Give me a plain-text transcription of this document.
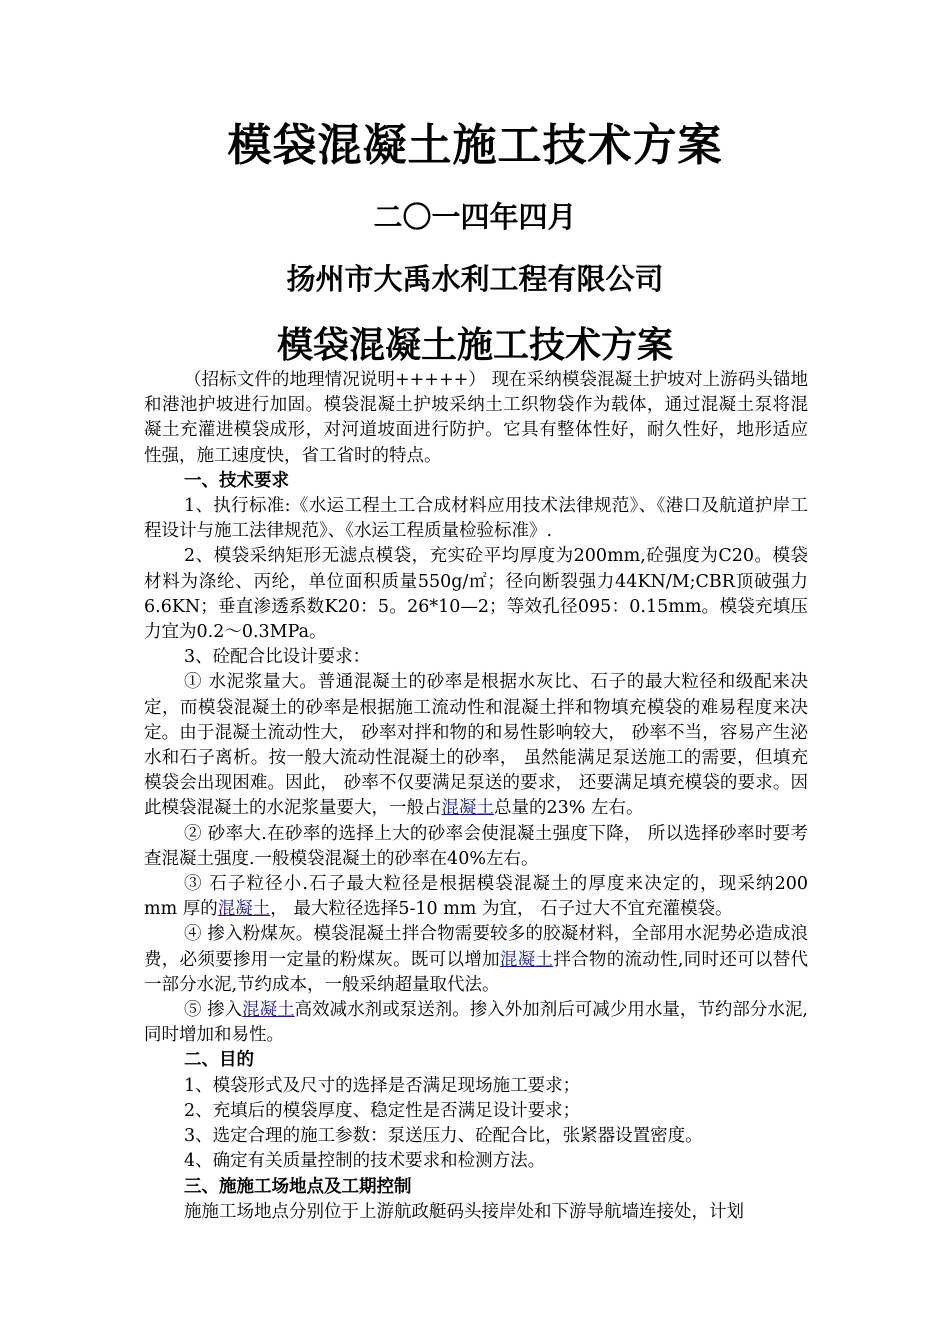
模袋混凝土施工技术方案
二〇一四年四月
扬州市大禹水利工程有限公司
模袋混凝土施工技术方案

（招标文件的地理情况说明+++++） 现在采纳模袋混凝土护坡对上游码头锚地和港池护坡进行加固。模袋混凝土护坡采纳土工织物袋作为载体，通过混凝土泵将混凝土充灌进模袋成形，对河道坡面进行防护。它具有整体性好，耐久性好，地形适应性强，施工速度快，省工省时的特点。

一、技术要求

1、执行标准:《水运工程土工合成材料应用技术法律规范》、《港口及航道护岸工程设计与施工法律规范》、《水运工程质量检验标准》.

2、模袋采纳矩形无滤点模袋，充实砼平均厚度为200mm,砼强度为C20。模袋材料为涤纶、丙纶，单位面积质量550g/㎡；径向断裂强力44KN/M;CBR顶破强力6.6KN；垂直渗透系数K20：5。26*10—2；等效孔径095：0.15mm。模袋充填压力宜为0.2～0.3MPa。

3、砼配合比设计要求：

① 水泥浆量大。普通混凝土的砂率是根据水灰比、石子的最大粒径和级配来决定，而模袋混凝土的砂率是根据施工流动性和混凝土拌和物填充模袋的难易程度来决定。由于混凝土流动性大， 砂率对拌和物的和易性影响较大， 砂率不当，容易产生泌水和石子离析。按一般大流动性混凝土的砂率， 虽然能满足泵送施工的需要，但填充模袋会出现困难。因此， 砂率不仅要满足泵送的要求， 还要满足填充模袋的要求。因此模袋混凝土的水泥浆量要大，一般占混凝土总量的23% 左右。

② 砂率大.在砂率的选择上大的砂率会使混凝土强度下降， 所以选择砂率时要考查混凝土强度.一般模袋混凝土的砂率在40%左右。

③ 石子粒径小.石子最大粒径是根据模袋混凝土的厚度来决定的，现采纳200 mm 厚的混凝土， 最大粒径选择5-10 mm 为宜， 石子过大不宜充灌模袋。

④ 掺入粉煤灰。模袋混凝土拌合物需要较多的胶凝材料，全部用水泥势必造成浪费，必须要掺用一定量的粉煤灰。既可以增加混凝土拌合物的流动性,同时还可以替代一部分水泥,节约成本，一般采纳超量取代法。

⑤ 掺入混凝土高效减水剂或泵送剂。掺入外加剂后可减少用水量，节约部分水泥,同时增加和易性。

二、目的

1、模袋形式及尺寸的选择是否满足现场施工要求；

2、充填后的模袋厚度、稳定性是否满足设计要求；

3、选定合理的施工参数：泵送压力、砼配合比，张紧器设置密度。

4、确定有关质量控制的技术要求和检测方法。

三、施施工场地点及工期控制

施施工场地点分别位于上游航政艇码头接岸处和下游导航墙连接处，计划
